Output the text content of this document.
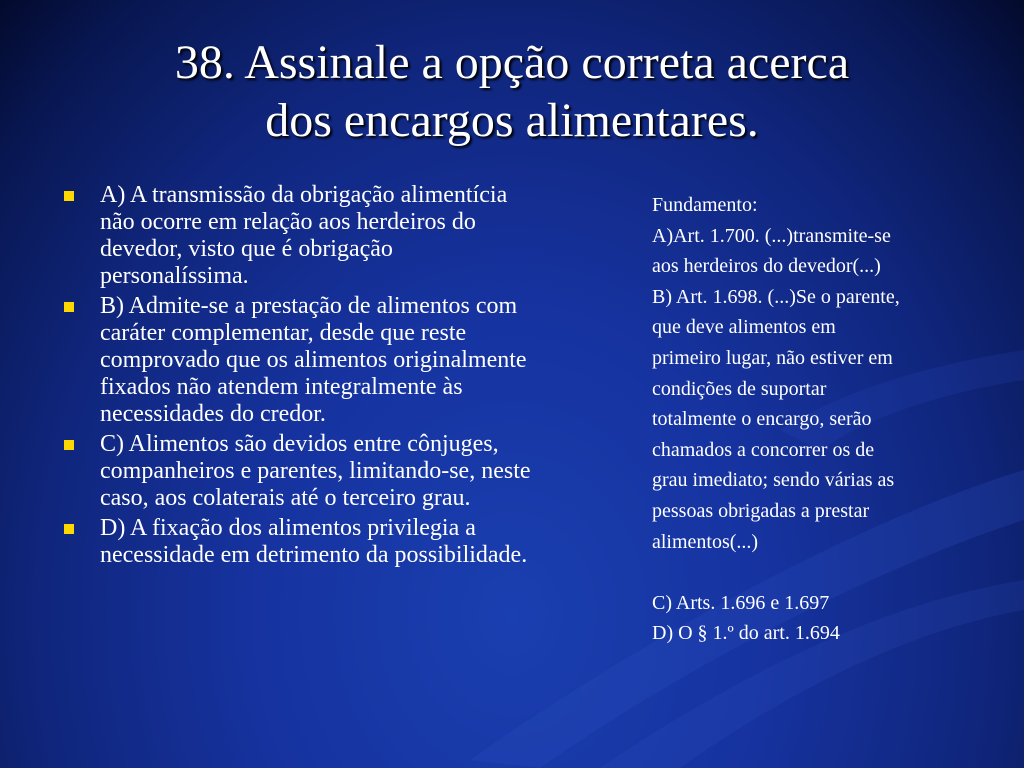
38. Assinale a opção correta acerca
dos encargos alimentares.
A) A transmissão da obrigação alimentícia
não ocorre em relação aos herdeiros do
devedor, visto que é obrigação
personalíssima.
B) Admite-se a prestação de alimentos com
caráter complementar, desde que reste
comprovado que os alimentos originalmente
fixados não atendem integralmente às
necessidades do credor.
C) Alimentos são devidos entre cônjuges,
companheiros e parentes, limitando-se, neste
caso, aos colaterais até o terceiro grau.
D) A fixação dos alimentos privilegia a
necessidade em detrimento da possibilidade.
Fundamento:
A)Art. 1.700. (...)transmite-se
aos herdeiros do devedor(...)
B) Art. 1.698. (...)Se o parente,
que deve alimentos em
primeiro lugar, não estiver em
condições de suportar
totalmente o encargo, serão
chamados a concorrer os de
grau imediato; sendo várias as
pessoas obrigadas a prestar
alimentos(...)
C) Arts. 1.696 e 1.697
D) O § 1.º do art. 1.694
